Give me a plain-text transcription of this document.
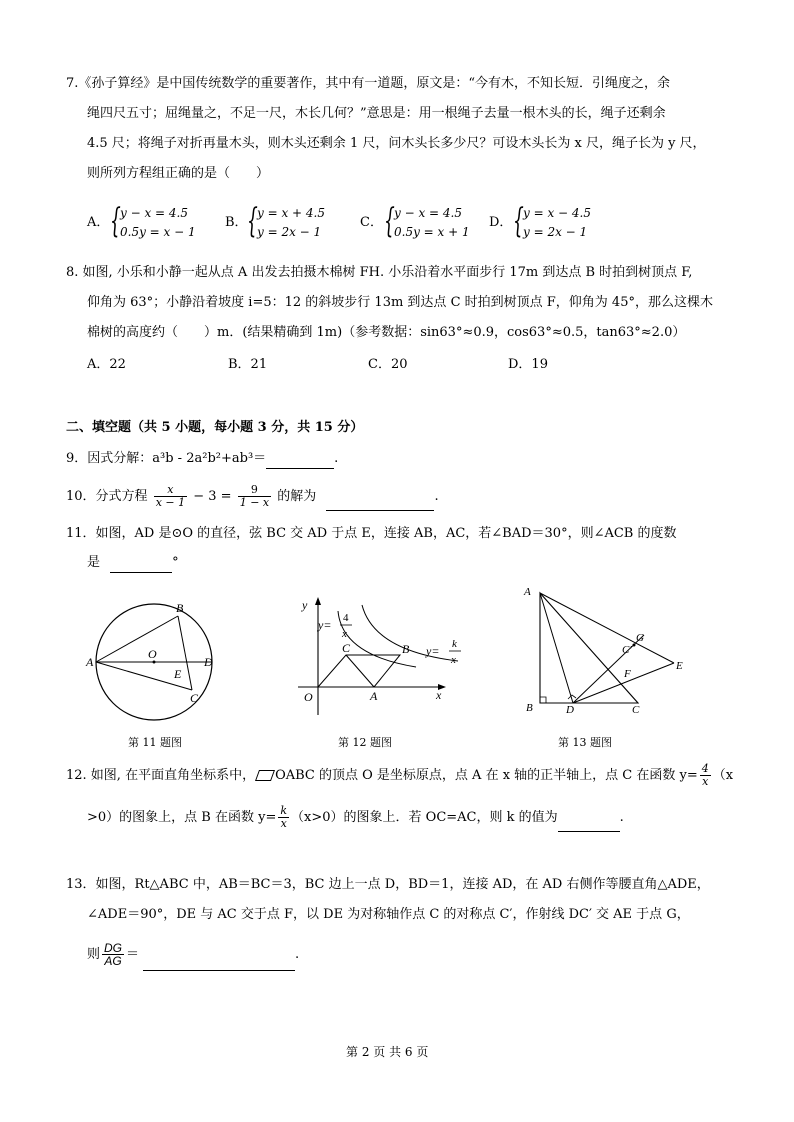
7.《孙子算经》是中国传统数学的重要著作，其中有一道题，原文是：“今有木，不知长短．引绳度之，余
绳四尺五寸；屈绳量之，不足一尺，木长几何？”意思是：用一根绳子去量一根木头的长，绳子还剩余
4.5 尺；将绳子对折再量木头，则木头还剩余 1 尺，问木头长多少尺？可设木头长为 x 尺，绳子长为 y 尺，
则所列方程组正确的是（　　）
A． { y − x = 4.5
0.5y = x − 1
B． { y = x + 4.5
y = 2x − 1
C． { y − x = 4.5
0.5y = x + 1
D． { y = x − 4.5
y = 2x − 1
8. 如图, 小乐和小静一起从点 A 出发去拍摄木棉树 FH. 小乐沿着水平面步行 17m 到达点 B 时拍到树顶点 F,
仰角为 63°；小静沿着坡度 i=5：12 的斜坡步行 13m 到达点 C 时拍到树顶点 F，仰角为 45°，那么这棵木
棉树的高度约（　　）m．(结果精确到 1m)（参考数据：sin63°≈0.9，cos63°≈0.5，tan63°≈2.0）
A．22	B．21	C．20	D．19
二、填空题（共 5 小题，每小题 3 分，共 15 分）
9．因式分解：a³b - 2a²b²+ab³＝	.
10．分式方程 $\frac{x}{x - 1} - 3 = \frac{9}{1 - x}$ 的解为	.
11．如图，AD 是⊙O 的直径，弦 BC 交 AD 于点 E，连接 AB，AC，若∠BAD＝30°，则∠ACB 的度数
是	°
A
B
C
D
E
O
第 11 题图
O
y
x
A
B
C
y= 4
x
y= k
x
第 12 题图
A
B	C
D
E
F
G
C′
第 13 题图
12. 如图, 在平面直角坐标系中， OABC 的顶点 O 是坐标原点，点 A 在 x 轴的正半轴上，点 C 在函数 $y= \frac{4}{x} (x$
>0）的图象上，点 B 在函数 $y= \frac{k}{x} (x>0)$的图象上．若 OC=AC，则 k 的值为	.
13．如图，Rt△ABC 中，AB＝BC＝3，BC 边上一点 D，BD＝1，连接 AD，在 AD 右侧作等腰直角△ADE，
∠ADE＝90°，DE 与 AC 交于点 F，以 DE 为对称轴作点 C 的对称点 C′，作射线 DC′ 交 AE 于点 G，
则 $\frac{DG}{AG}$ ＝	.
第 2 页 共 6 页
